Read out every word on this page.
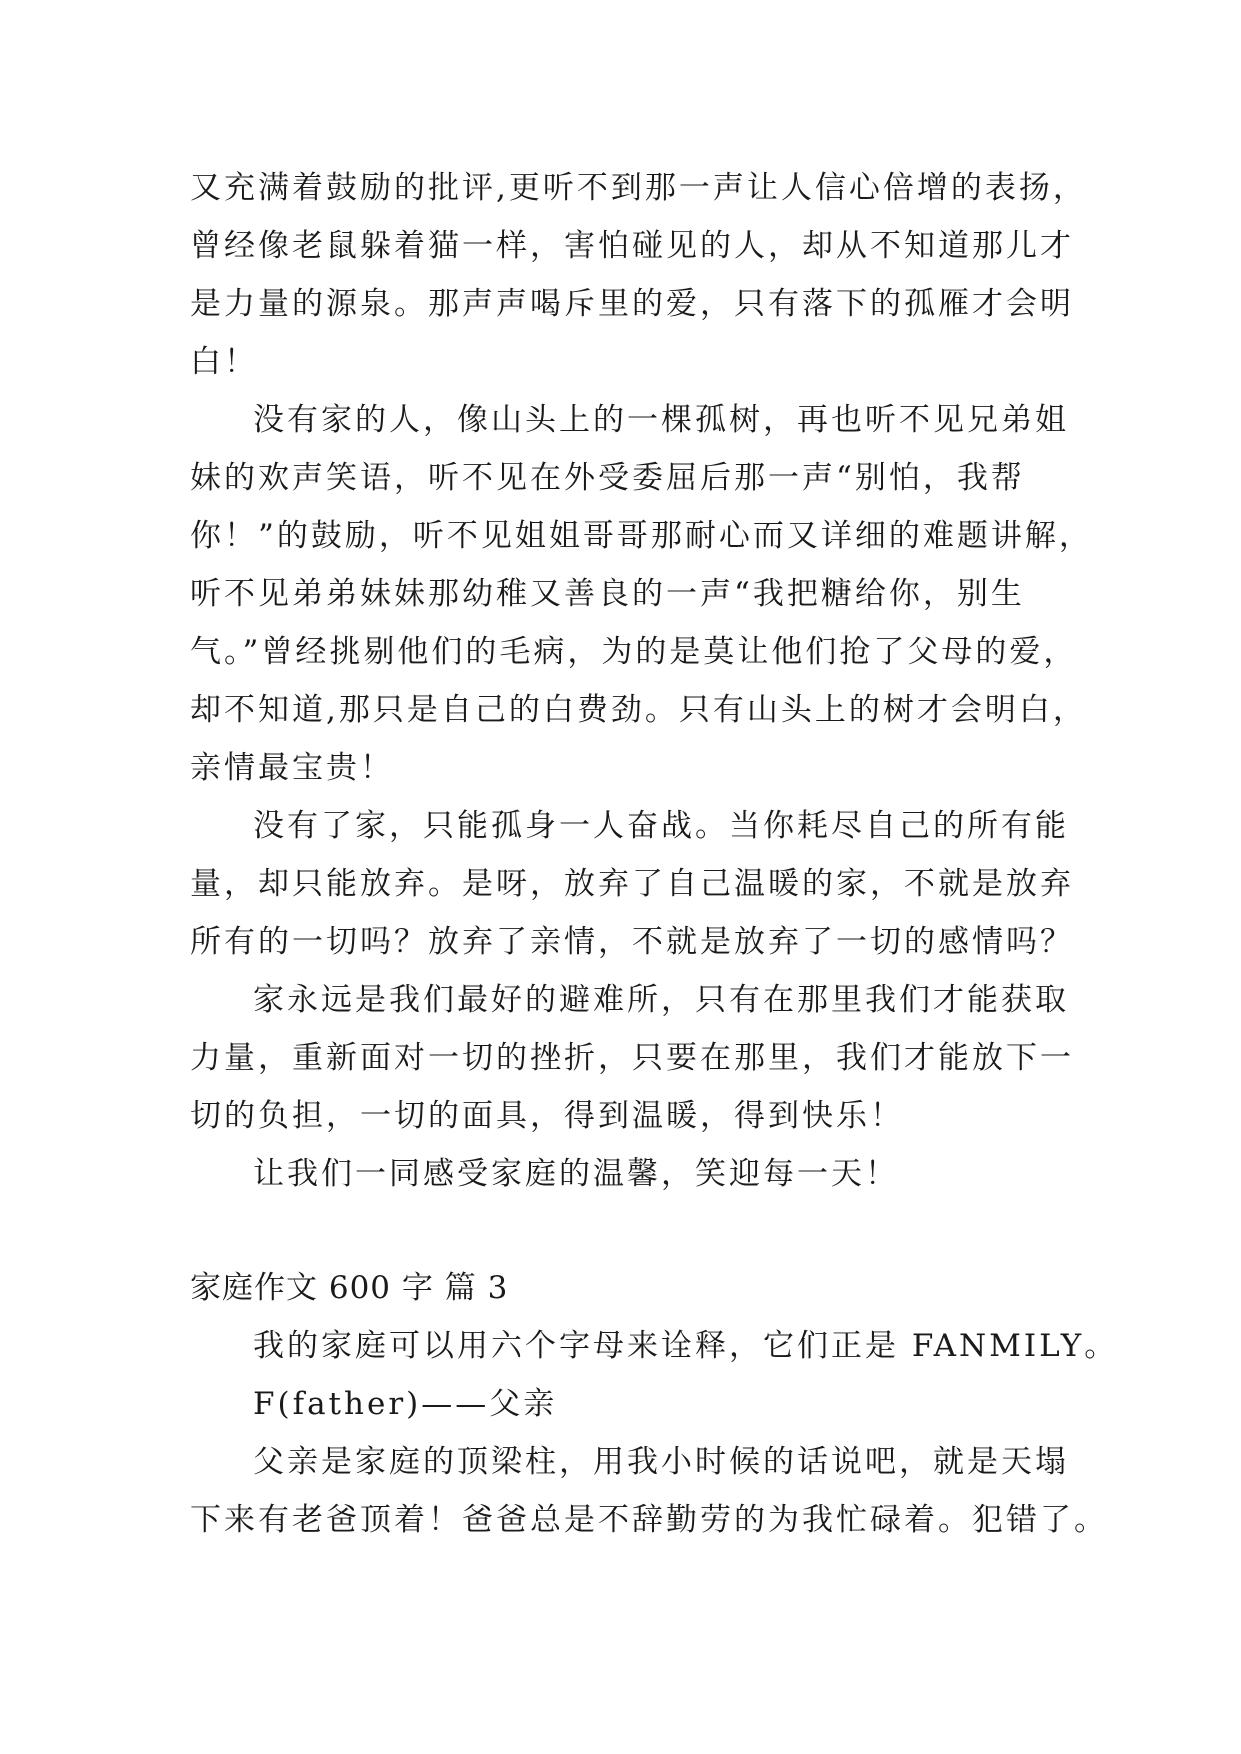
又充满着鼓励的批评,更听不到那一声让人信心倍增的表扬，
曾经像老鼠躲着猫一样，害怕碰见的人，却从不知道那儿才
是力量的源泉。那声声喝斥里的爱，只有落下的孤雁才会明
白！
没有家的人，像山头上的一棵孤树，再也听不见兄弟姐
妹的欢声笑语，听不见在外受委屈后那一声“别怕，我帮
你！”的鼓励，听不见姐姐哥哥那耐心而又详细的难题讲解，
听不见弟弟妹妹那幼稚又善良的一声“我把糖给你，别生
气。”曾经挑剔他们的毛病，为的是莫让他们抢了父母的爱，
却不知道,那只是自己的白费劲。只有山头上的树才会明白，
亲情最宝贵！
没有了家，只能孤身一人奋战。当你耗尽自己的所有能
量，却只能放弃。是呀，放弃了自己温暖的家，不就是放弃
所有的一切吗？放弃了亲情，不就是放弃了一切的感情吗？
家永远是我们最好的避难所，只有在那里我们才能获取
力量，重新面对一切的挫折，只要在那里，我们才能放下一
切的负担，一切的面具，得到温暖，得到快乐！
让我们一同感受家庭的温馨，笑迎每一天！
家庭作文 600 字 篇 3
我的家庭可以用六个字母来诠释，它们正是 FANMILY。
F(father)——父亲
父亲是家庭的顶梁柱，用我小时候的话说吧，就是天塌
下来有老爸顶着！爸爸总是不辞勤劳的为我忙碌着。犯错了。
